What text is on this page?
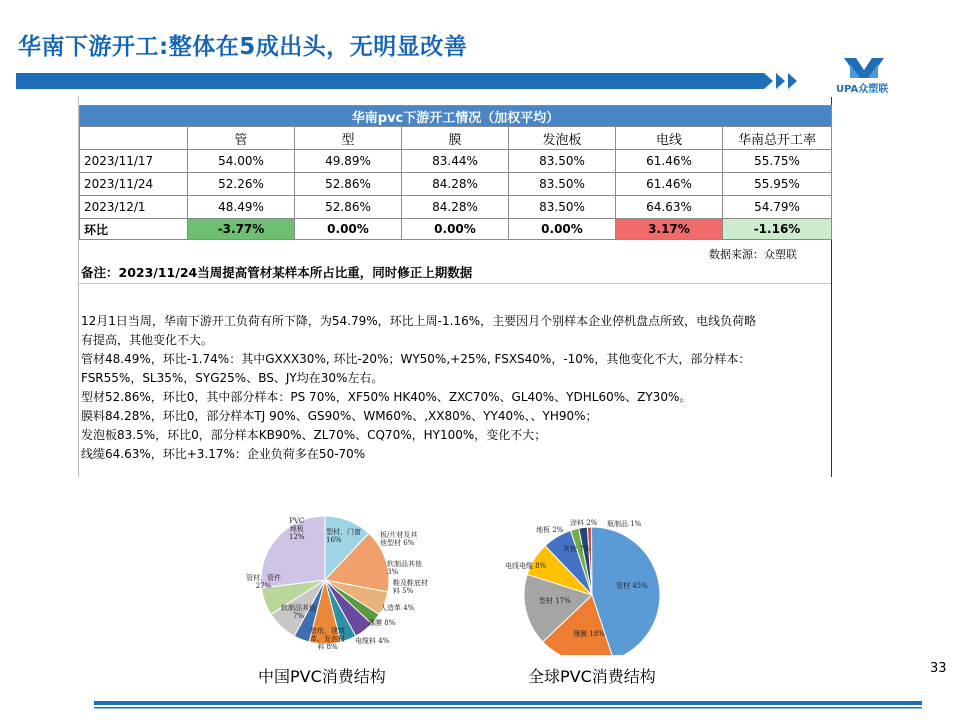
华南下游开工:整体在5成出头，无明显改善
UPA众塑联
华南pvc下游开工情况（加权平均）						
	管	型	膜	发泡板	电线	华南总开工率
2023/11/17	54.00%	49.89%	83.44%	83.50%	61.46%	55.75%
2023/11/24	52.26%	52.86%	84.28%	83.50%	61.46%	55.95%
2023/12/1	48.49%	52.86%	84.28%	83.50%	64.63%	54.79%
环比	-3.77%	0.00%	0.00%	0.00%	3.17%	-1.16%
数据来源：众塑联
备注：2023/11/24当周提高管材某样本所占比重，同时修正上期数据
12月1日当周，华南下游开工负荷有所下降，为54.79%，环比上周-1.16%，主要因月个别样本企业停机盘点所致，电线负荷略
有提高，其他变化不大。
管材48.49%，环比-1.74%：其中GXXX30%, 环比-20%；WY50%,+25%, FSXS40%，-10%，其他变化不大，部分样本：
FSR55%，SL35%，SYG25%、BS、JY均在30%左右。
型材52.86%，环比0，其中部分样本：PS 70%，XF50% HK40%、ZXC70%、GL40%、YDHL60%、ZY30%。
膜料84.28%，环比0，部分样本TJ 90%、GS90%、WM60%、,XX80%、YY40%、、YH90%；
发泡板83.5%，环比0，部分样本KB90%、ZL70%、CQ70%，HY100%，变化不大；
线缆64.63%，环比+3.17%：企业负荷多在50-70%
PVC
地板
12%
型材、门窗
16%
板/片材及其
他型材 6%
软制品其他
3%
鞋及鞋底材
料 5%
人造革 4%
薄膜 8%
电缆料 4%
壁纸、建筑
革、发泡材
料 8%
软制品其他
7%
管材、管件
27%
瓶制品 1%
管材 45%
薄膜 18%
型材 17%
电线电缆 8%
其他 7%
地板 2%
涂料 2%
中国PVC消费结构	全球PVC消费结构	33
